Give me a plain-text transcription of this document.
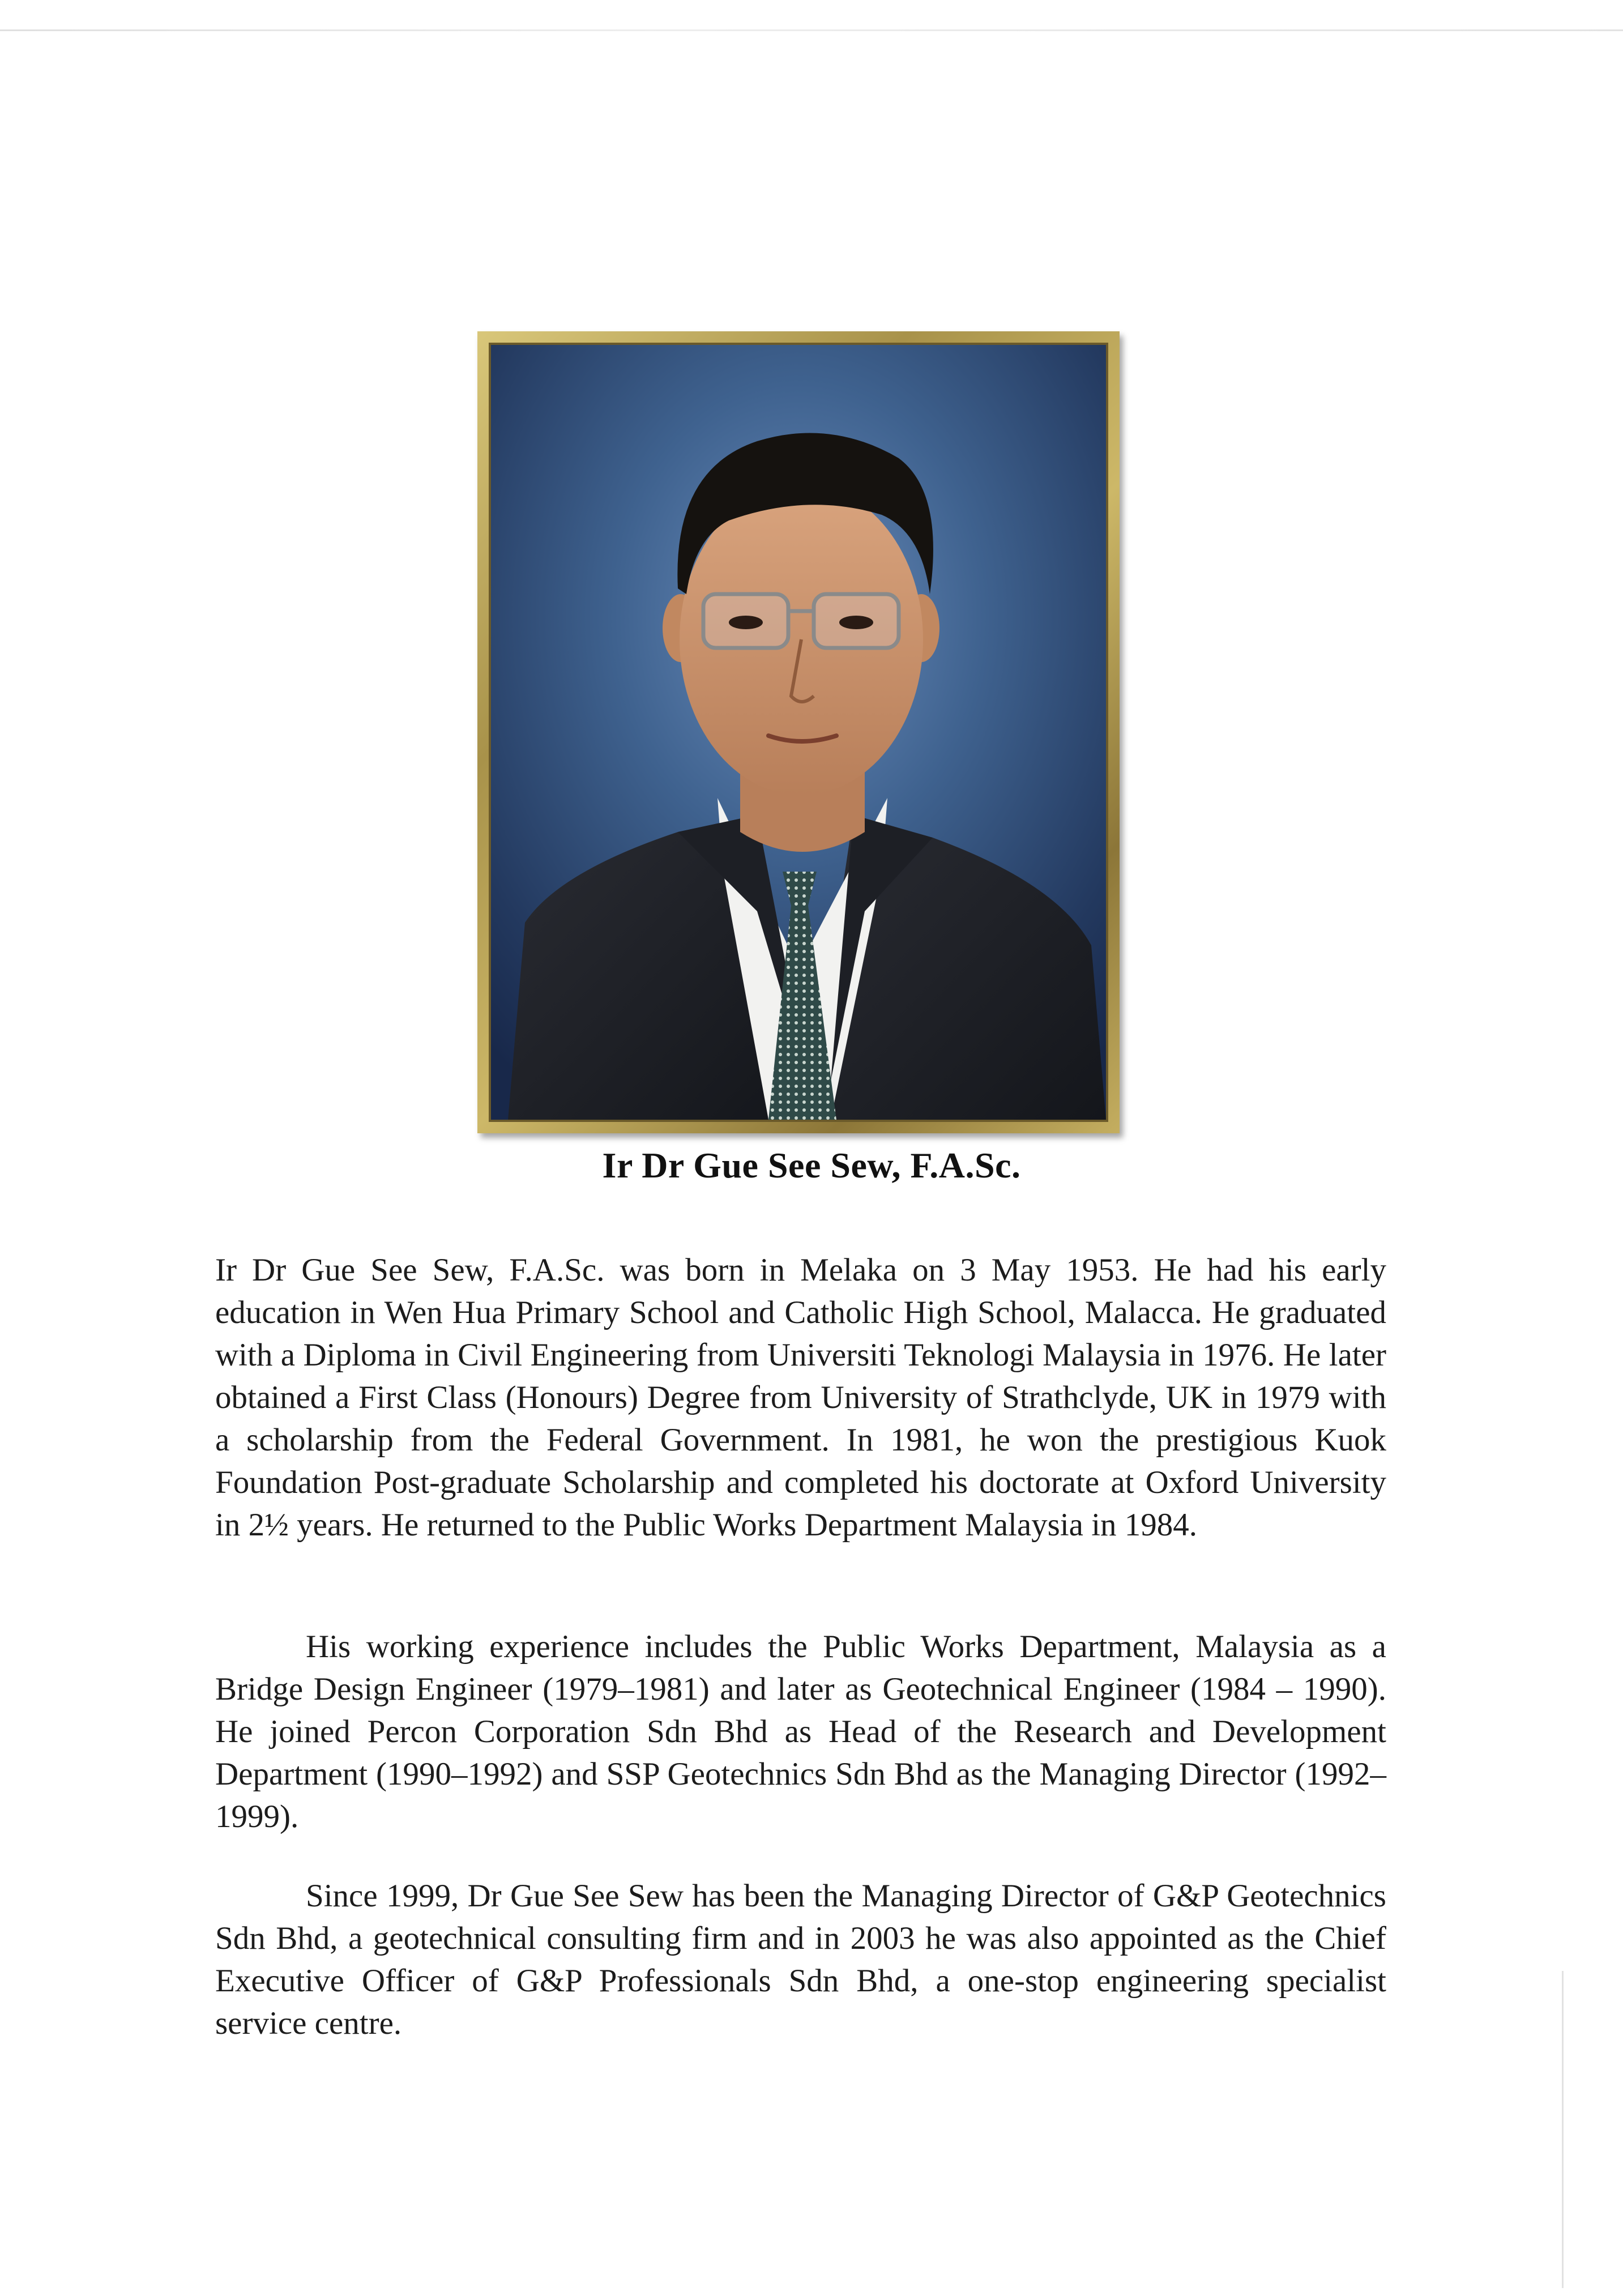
Ir Dr Gue See Sew, F.A.Sc.

Ir Dr Gue See Sew, F.A.Sc. was born in Melaka on 3 May 1953. He had his early education in Wen Hua Primary School and Catholic High School, Malacca. He graduated with a Diploma in Civil Engineering from Universiti Teknologi Malaysia in 1976. He later obtained a First Class (Honours) Degree from University of Strathclyde, UK in 1979 with a scholarship from the Federal Government. In 1981, he won the prestigious Kuok Foundation Post-graduate Scholarship and completed his doctorate at Oxford University in 2½ years. He returned to the Public Works Department Malaysia in 1984.

His working experience includes the Public Works Department, Malaysia as a Bridge Design Engineer (1979–1981) and later as Geotechnical Engineer (1984 – 1990). He joined Percon Corporation Sdn Bhd as Head of the Research and Development Department (1990–1992) and SSP Geotechnics Sdn Bhd as the Managing Director (1992–1999).

Since 1999, Dr Gue See Sew has been the Managing Director of G&P Geotechnics Sdn Bhd, a geotechnical consulting firm and in 2003 he was also appointed as the Chief Executive Officer of G&P Professionals Sdn Bhd, a one-stop engineering specialist service centre.
